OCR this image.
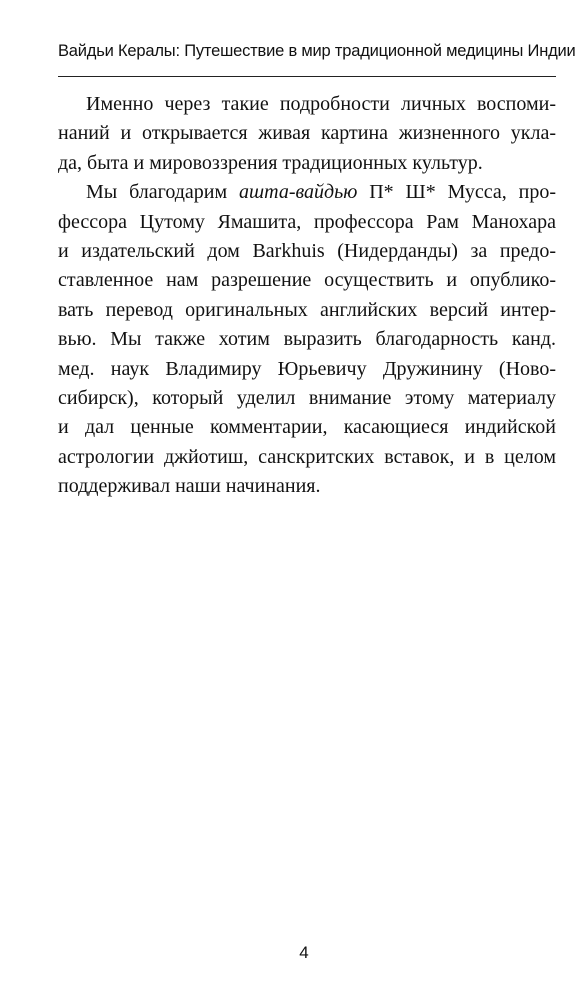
Вайдьи Кералы: Путешествие в мир традиционной медицины Индии

Именно через такие подробности личных воспоми-
наний и открывается живая картина жизненного укла-
да, быта и мировоззрения традиционных культур.

Мы благодарим ашта-вайдью П* Ш* Мусса, про-
фессора Цутому Ямашита, профессора Рам Манохара
и издательский дом Barkhuis (Нидерданды) за предо-
ставленное нам разрешение осуществить и опублико-
вать перевод оригинальных английских версий интер-
вью. Мы также хотим выразить благодарность канд.
мед. наук Владимиру Юрьевичу Дружинину (Ново-
сибирск), который уделил внимание этому материалу
и дал ценные комментарии, касающиеся индийской
астрологии джйотиш, санскритских вставок, и в целом
поддерживал наши начинания.

4
